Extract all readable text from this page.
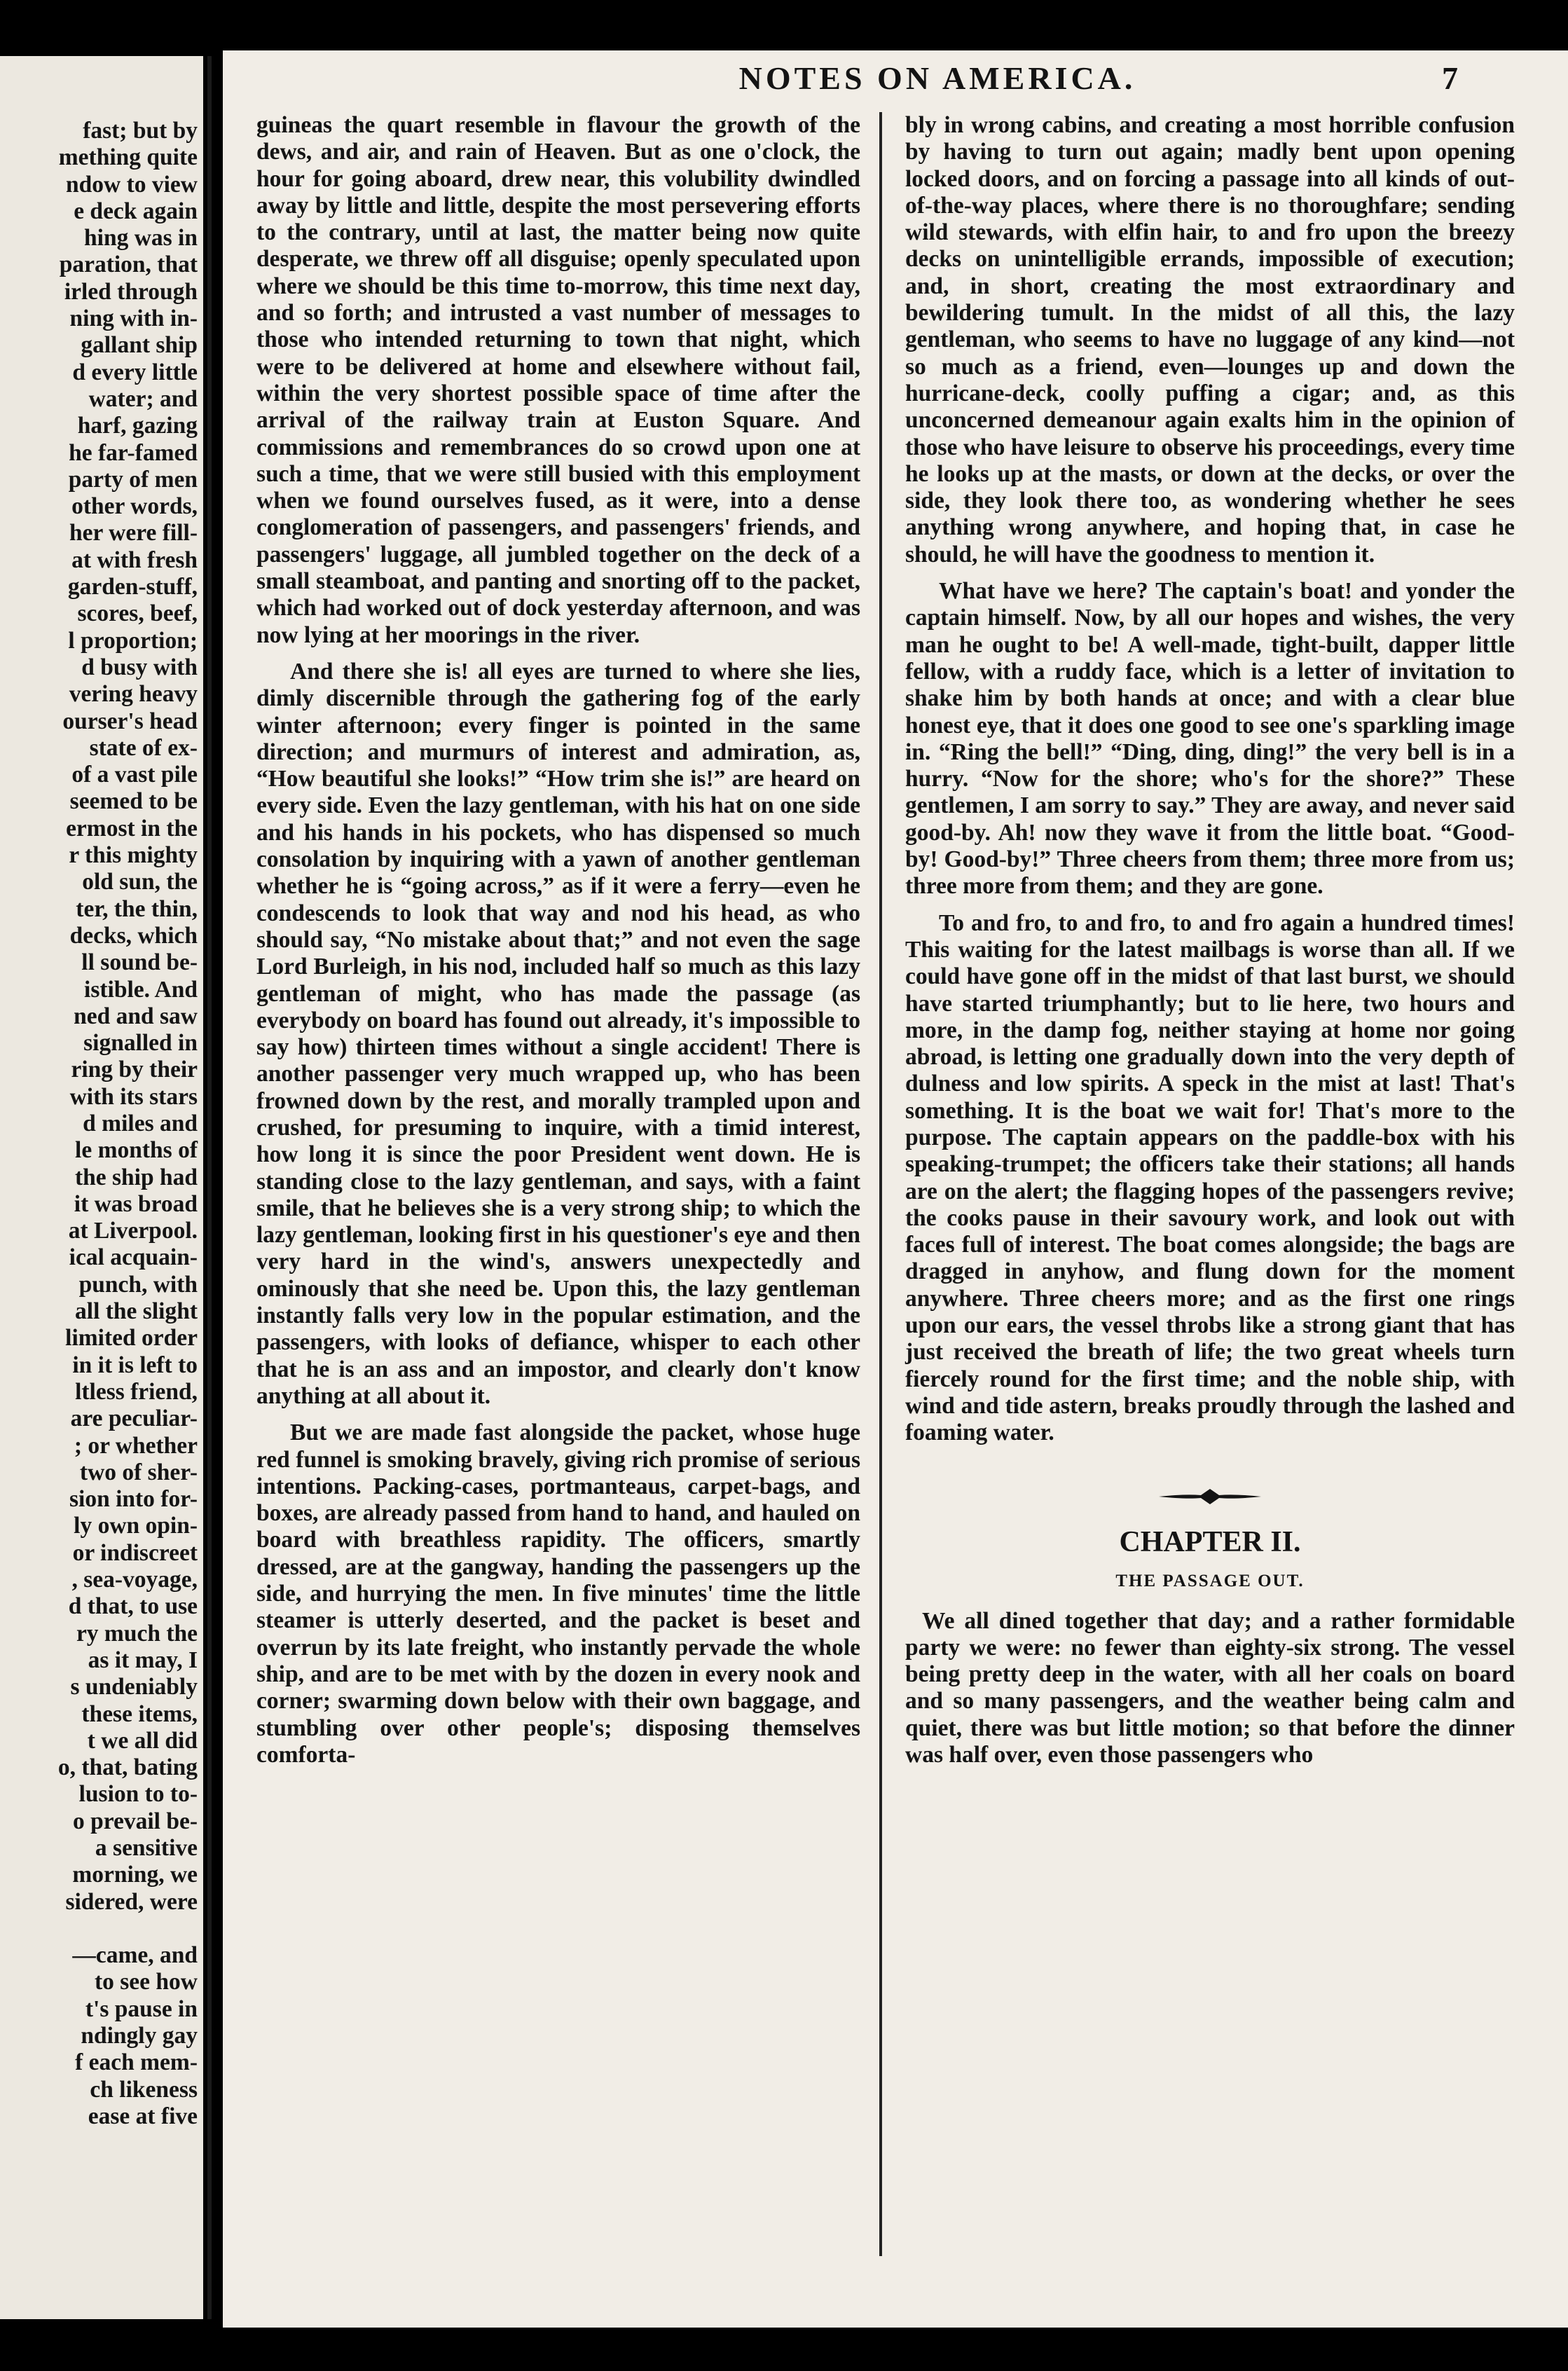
fast; but by
mething quite
ndow to view
e deck again
hing was in
paration, that
irled through
ning with in-
gallant ship
d every little
water; and
harf, gazing
he far-famed
party of men
other words,
her were fill-
at with fresh
garden-stuff,
scores, beef,
l proportion;
d busy with
vering heavy
ourser's head
state of ex-
of a vast pile
seemed to be
ermost in the
r this mighty
old sun, the
ter, the thin,
decks, which
ll sound be-
istible. And
ned and saw
signalled in
ring by their
with its stars
d miles and
le months of
the ship had
it was broad
at Liverpool.
ical acquain-
punch, with
all the slight
limited order
in it is left to
ltless friend,
are peculiar-
; or whether
two of sher-
sion into for-
ly own opin-
or indiscreet
, sea-voyage,
d that, to use
ry much the
as it may, I
s undeniably
these items,
t we all did
o, that, bating
lusion to to-
o prevail be-
a sensitive
morning, we
sidered, were

—came, and
to see how
t's pause in
ndingly gay
f each mem-
ch likeness
ease at five
NOTES ON AMERICA.	7

guineas the quart resemble in flavour the growth of the dews, and air, and rain of Heaven. But as one o'clock, the hour for going aboard, drew near, this volubility dwindled away by little and little, despite the most persevering efforts to the contrary, until at last, the matter being now quite desperate, we threw off all disguise; openly speculated upon where we should be this time to-morrow, this time next day, and so forth; and intrusted a vast number of messages to those who intended returning to town that night, which were to be delivered at home and elsewhere without fail, within the very shortest possible space of time after the arrival of the railway train at Euston Square. And commissions and remembrances do so crowd upon one at such a time, that we were still busied with this employment when we found ourselves fused, as it were, into a dense conglomeration of passengers, and passengers' friends, and passengers' luggage, all jumbled together on the deck of a small steamboat, and panting and snorting off to the packet, which had worked out of dock yesterday afternoon, and was now lying at her moorings in the river.

And there she is! all eyes are turned to where she lies, dimly discernible through the gathering fog of the early winter afternoon; every finger is pointed in the same direction; and murmurs of interest and admiration, as, “How beautiful she looks!” “How trim she is!” are heard on every side. Even the lazy gentleman, with his hat on one side and his hands in his pockets, who has dispensed so much consolation by inquiring with a yawn of another gentleman whether he is “going across,” as if it were a ferry—even he condescends to look that way and nod his head, as who should say, “No mistake about that;” and not even the sage Lord Burleigh, in his nod, included half so much as this lazy gentleman of might, who has made the passage (as everybody on board has found out already, it's impossible to say how) thirteen times without a single accident! There is another passenger very much wrapped up, who has been frowned down by the rest, and morally trampled upon and crushed, for presuming to inquire, with a timid interest, how long it is since the poor President went down. He is standing close to the lazy gentleman, and says, with a faint smile, that he believes she is a very strong ship; to which the lazy gentleman, looking first in his questioner's eye and then very hard in the wind's, answers unexpectedly and ominously that she need be. Upon this, the lazy gentleman instantly falls very low in the popular estimation, and the passengers, with looks of defiance, whisper to each other that he is an ass and an impostor, and clearly don't know anything at all about it.

But we are made fast alongside the packet, whose huge red funnel is smoking bravely, giving rich promise of serious intentions. Packing-cases, portmanteaus, carpet-bags, and boxes, are already passed from hand to hand, and hauled on board with breathless rapidity. The officers, smartly dressed, are at the gangway, handing the passengers up the side, and hurrying the men. In five minutes' time the little steamer is utterly deserted, and the packet is beset and overrun by its late freight, who instantly pervade the whole ship, and are to be met with by the dozen in every nook and corner; swarming down below with their own baggage, and stumbling over other people's; disposing themselves comforta-

bly in wrong cabins, and creating a most horrible confusion by having to turn out again; madly bent upon opening locked doors, and on forcing a passage into all kinds of out-of-the-way places, where there is no thoroughfare; sending wild stewards, with elfin hair, to and fro upon the breezy decks on unintelligible errands, impossible of execution; and, in short, creating the most extraordinary and bewildering tumult. In the midst of all this, the lazy gentleman, who seems to have no luggage of any kind—not so much as a friend, even—lounges up and down the hurricane-deck, coolly puffing a cigar; and, as this unconcerned demeanour again exalts him in the opinion of those who have leisure to observe his proceedings, every time he looks up at the masts, or down at the decks, or over the side, they look there too, as wondering whether he sees anything wrong anywhere, and hoping that, in case he should, he will have the goodness to mention it.

What have we here? The captain's boat! and yonder the captain himself. Now, by all our hopes and wishes, the very man he ought to be! A well-made, tight-built, dapper little fellow, with a ruddy face, which is a letter of invitation to shake him by both hands at once; and with a clear blue honest eye, that it does one good to see one's sparkling image in. “Ring the bell!” “Ding, ding, ding!” the very bell is in a hurry. “Now for the shore; who's for the shore?” These gentlemen, I am sorry to say.” They are away, and never said good-by. Ah! now they wave it from the little boat. “Good-by! Good-by!” Three cheers from them; three more from us; three more from them; and they are gone.

To and fro, to and fro, to and fro again a hundred times! This waiting for the latest mailbags is worse than all. If we could have gone off in the midst of that last burst, we should have started triumphantly; but to lie here, two hours and more, in the damp fog, neither staying at home nor going abroad, is letting one gradually down into the very depth of dulness and low spirits. A speck in the mist at last! That's something. It is the boat we wait for! That's more to the purpose. The captain appears on the paddle-box with his speaking-trumpet; the officers take their stations; all hands are on the alert; the flagging hopes of the passengers revive; the cooks pause in their savoury work, and look out with faces full of interest. The boat comes alongside; the bags are dragged in anyhow, and flung down for the moment anywhere. Three cheers more; and as the first one rings upon our ears, the vessel throbs like a strong giant that has just received the breath of life; the two great wheels turn fiercely round for the first time; and the noble ship, with wind and tide astern, breaks proudly through the lashed and foaming water.

CHAPTER II.
THE PASSAGE OUT.

We all dined together that day; and a rather formidable party we were: no fewer than eighty-six strong. The vessel being pretty deep in the water, with all her coals on board and so many passengers, and the weather being calm and quiet, there was but little motion; so that before the dinner was half over, even those passengers who
